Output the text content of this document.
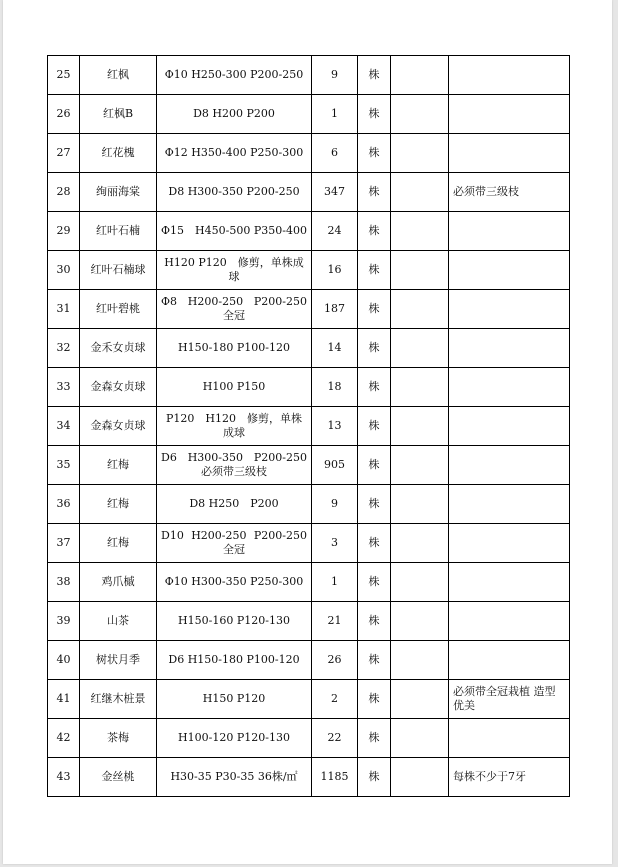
25	红枫	Φ10 H250-300 P200-250	9	株		
26	红枫B	D8 H200 P200	1	株		
27	红花槐	Φ12 H350-400 P250-300	6	株		
28	绚丽海棠	D8 H300-350 P200-250	347	株		必须带三级枝
29	红叶石楠	Φ15　H450-500 P350-400	24	株		
30	红叶石楠球	H120 P120　修剪，单株成球	16	株		
31	红叶碧桃	Φ8 H200-250 P200-250　全冠	187	株		
32	金禾女贞球	H150-180 P100-120	14	株		
33	金森女贞球	H100 P150	18	株		
34	金森女贞球	P120　H120　修剪，单株成球	13	株		
35	红梅	D6 H300-350 P200-250　必须带三级枝	905	株		
36	红梅	D8 H250　P200	9	株		
37	红梅	D10 H200-250 P200-250　全冠	3	株		
38	鸡爪槭	Φ10 H300-350 P250-300	1	株		
39	山茶	H150-160 P120-130	21	株		
40	树状月季	D6 H150-180 P100-120	26	株		
41	红继木桩景	H150 P120	2	株		必须带全冠栽植 造型优美
42	茶梅	H100-120 P120-130	22	株		
43	金丝桃	H30-35 P30-35 36株/㎡	1185	株		每株不少于7牙
